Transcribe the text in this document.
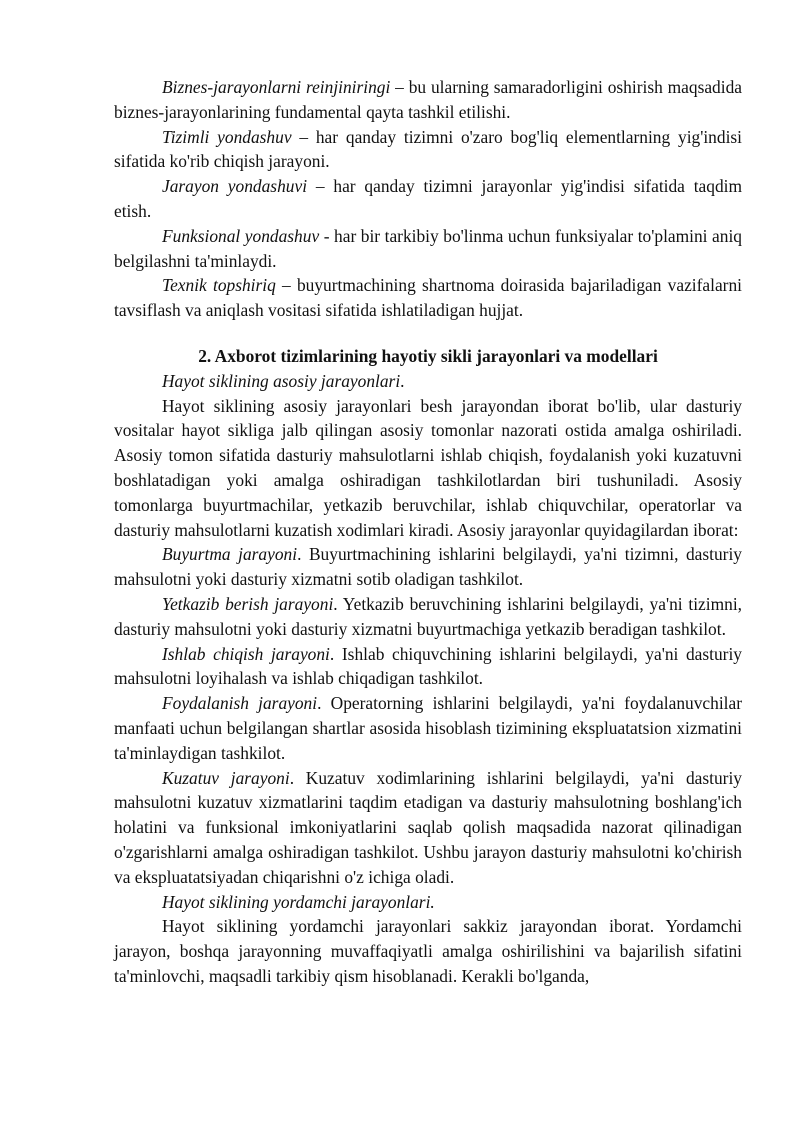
Biznes-jarayonlarni reinjiniringi – bu ularning samaradorligini oshirish maqsadida biznes-jarayonlarining fundamental qayta tashkil etilishi.

Tizimli yondashuv – har qanday tizimni o'zaro bog'liq elementlarning yig'indisi sifatida ko'rib chiqish jarayoni.

Jarayon yondashuvi – har qanday tizimni jarayonlar yig'indisi sifatida taqdim etish.

Funksional yondashuv - har bir tarkibiy bo'linma uchun funksiyalar to'plamini aniq belgilashni ta'minlaydi.

Texnik topshiriq – buyurtmachining shartnoma doirasida bajariladigan vazifalarni tavsiflash va aniqlash vositasi sifatida ishlatiladigan hujjat.

2. Axborot tizimlarining hayotiy sikli jarayonlari va modellari

Hayot siklining asosiy jarayonlari.

Hayot siklining asosiy jarayonlari besh jarayondan iborat bo'lib, ular dasturiy vositalar hayot sikliga jalb qilingan asosiy tomonlar nazorati ostida amalga oshiriladi. Asosiy tomon sifatida dasturiy mahsulotlarni ishlab chiqish, foydalanish yoki kuzatuvni boshlatadigan yoki amalga oshiradigan tashkilotlardan biri tushuniladi. Asosiy tomonlarga buyurtmachilar, yetkazib beruvchilar, ishlab chiquvchilar, operatorlar va dasturiy mahsulotlarni kuzatish xodimlari kiradi. Asosiy jarayonlar quyidagilardan iborat:

Buyurtma jarayoni. Buyurtmachining ishlarini belgilaydi, ya'ni tizimni, dasturiy mahsulotni yoki dasturiy xizmatni sotib oladigan tashkilot.

Yetkazib berish jarayoni. Yetkazib beruvchining ishlarini belgilaydi, ya'ni tizimni, dasturiy mahsulotni yoki dasturiy xizmatni buyurtmachiga yetkazib beradigan tashkilot.

Ishlab chiqish jarayoni. Ishlab chiquvchining ishlarini belgilaydi, ya'ni dasturiy mahsulotni loyihalash va ishlab chiqadigan tashkilot.

Foydalanish jarayoni. Operatorning ishlarini belgilaydi, ya'ni foydalanuvchilar manfaati uchun belgilangan shartlar asosida hisoblash tizimining ekspluatatsion xizmatini ta'minlaydigan tashkilot.

Kuzatuv jarayoni. Kuzatuv xodimlarining ishlarini belgilaydi, ya'ni dasturiy mahsulotni kuzatuv xizmatlarini taqdim etadigan va dasturiy mahsulotning boshlang'ich holatini va funksional imkoniyatlarini saqlab qolish maqsadida nazorat qilinadigan o'zgarishlarni amalga oshiradigan tashkilot. Ushbu jarayon dasturiy mahsulotni ko'chirish va ekspluatatsiyadan chiqarishni o'z ichiga oladi.

Hayot siklining yordamchi jarayonlari.

Hayot siklining yordamchi jarayonlari sakkiz jarayondan iborat. Yordamchi jarayon, boshqa jarayonning muvaffaqiyatli amalga oshirilishini va bajarilish sifatini ta'minlovchi, maqsadli tarkibiy qism hisoblanadi. Kerakli bo'lganda,
